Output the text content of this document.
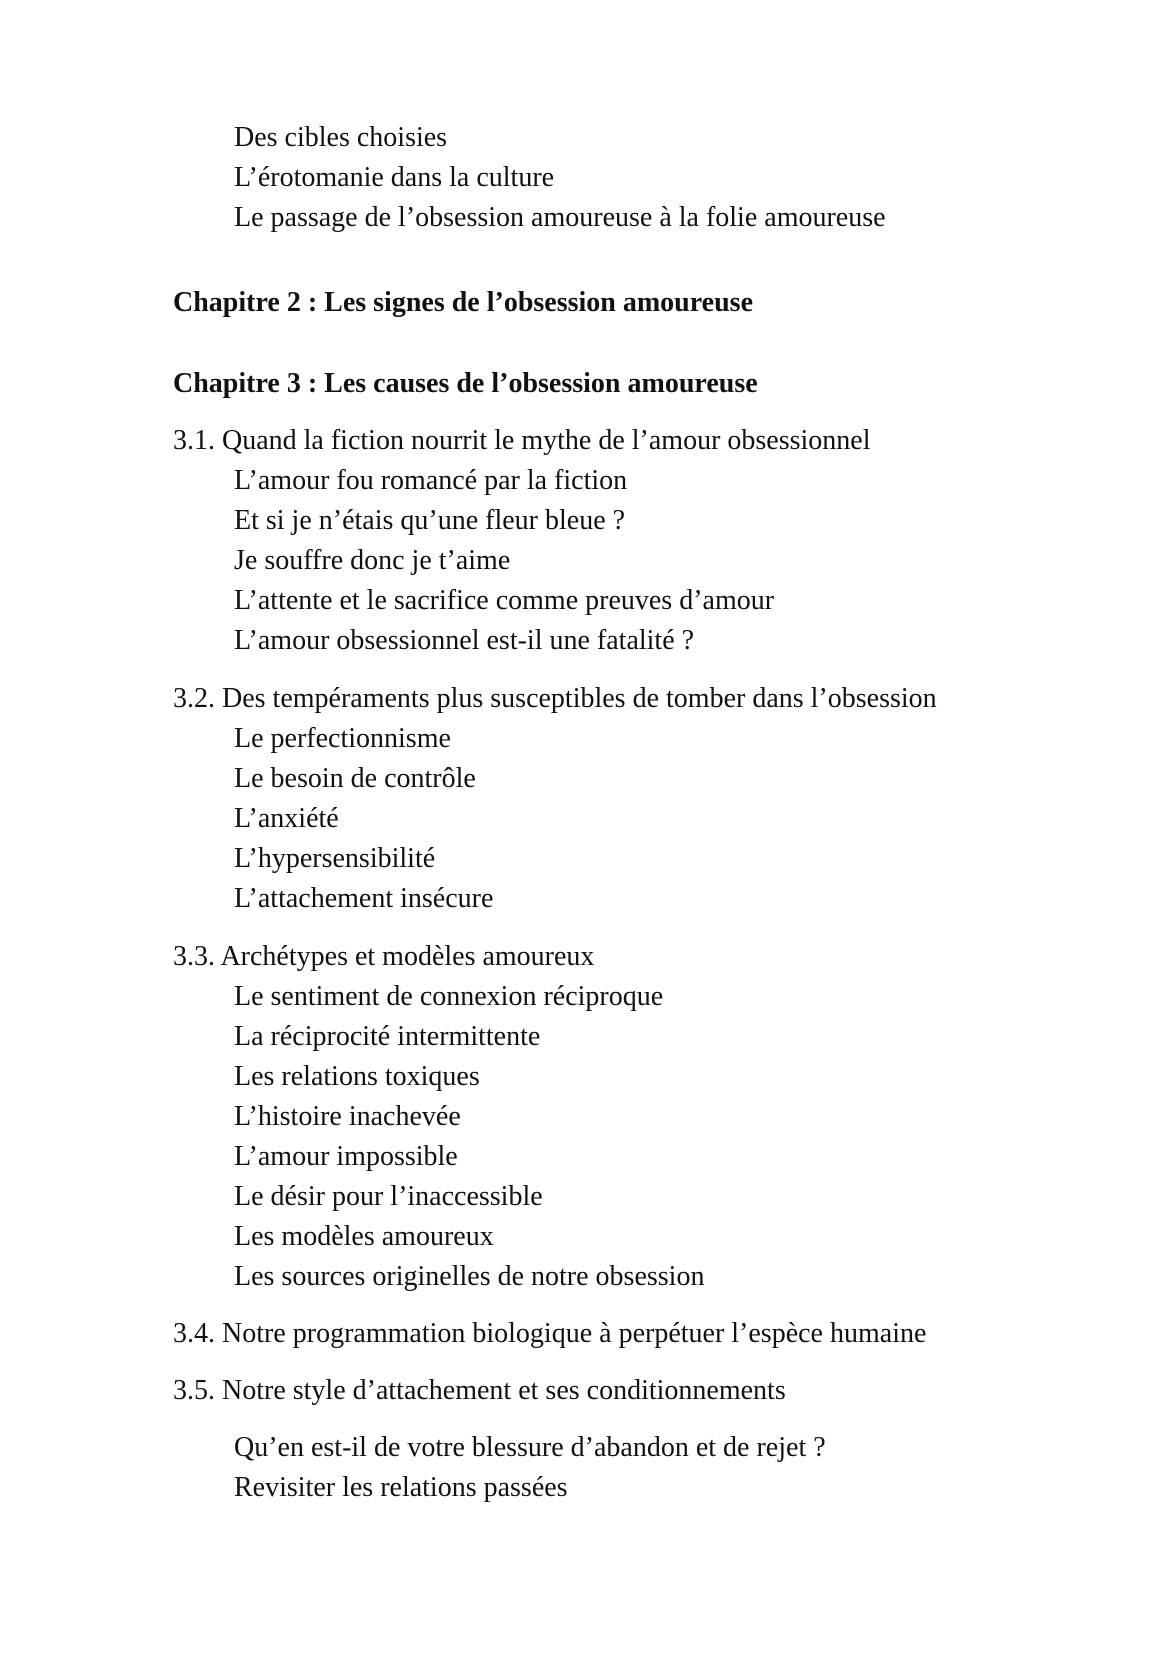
Des cibles choisies
L’érotomanie dans la culture
Le passage de l’obsession amoureuse à la folie amoureuse
Chapitre 2 : Les signes de l’obsession amoureuse
Chapitre 3 : Les causes de l’obsession amoureuse
3.1. Quand la fiction nourrit le mythe de l’amour obsessionnel
L’amour fou romancé par la fiction
Et si je n’étais qu’une fleur bleue ?
Je souffre donc je t’aime
L’attente et le sacrifice comme preuves d’amour
L’amour obsessionnel est-il une fatalité ?
3.2. Des tempéraments plus susceptibles de tomber dans l’obsession
Le perfectionnisme
Le besoin de contrôle
L’anxiété
L’hypersensibilité
L’attachement insécure
3.3. Archétypes et modèles amoureux
Le sentiment de connexion réciproque
La réciprocité intermittente
Les relations toxiques
L’histoire inachevée
L’amour impossible
Le désir pour l’inaccessible
Les modèles amoureux
Les sources originelles de notre obsession
3.4. Notre programmation biologique à perpétuer l’espèce humaine
3.5. Notre style d’attachement et ses conditionnements
Qu’en est-il de votre blessure d’abandon et de rejet ?
Revisiter les relations passées
